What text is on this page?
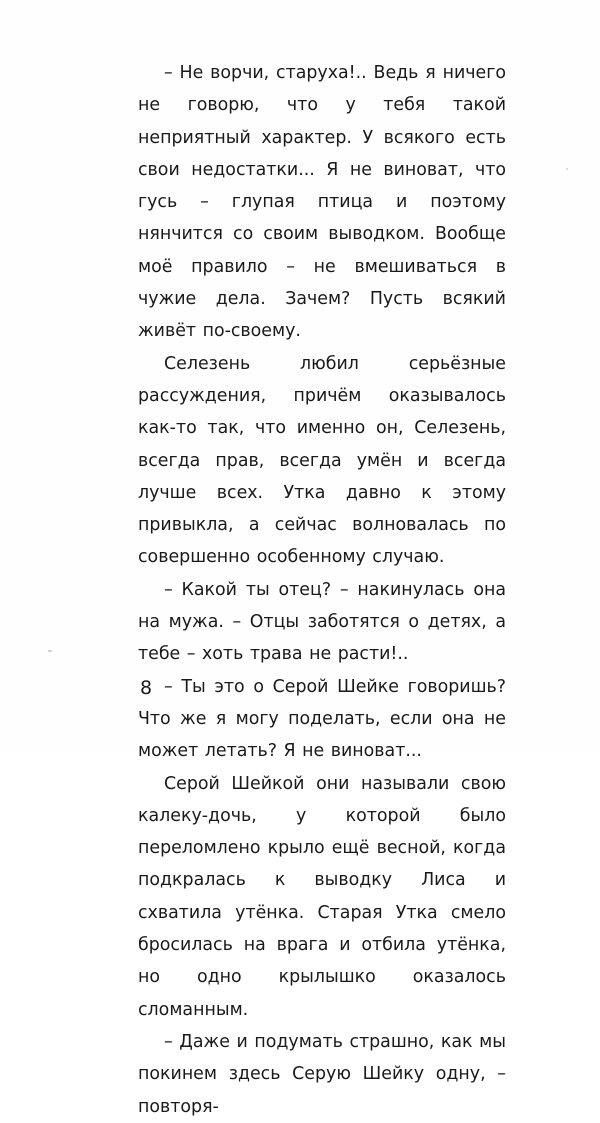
– Не ворчи, старуха!.. Ведь я ничего не говорю, что у тебя такой неприятный характер. У всякого есть свои недостатки... Я не виноват, что гусь – глупая птица и поэтому нянчится со своим выводком. Вообще моё правило – не вмешиваться в чужие дела. Зачем? Пусть всякий живёт по-своему.

Селезень любил серьёзные рассуждения, причём оказывалось как-то так, что именно он, Селезень, всегда прав, всегда умён и всегда лучше всех. Утка давно к этому привыкла, а сейчас волновалась по совершенно особенному случаю.

– Какой ты отец? – накинулась она на мужа. – Отцы заботятся о детях, а тебе – хоть трава не расти!..

– Ты это о Серой Шейке говоришь? Что же я могу поделать, если она не может летать? Я не виноват...

Серой Шейкой они называли свою калеку-дочь, у которой было переломлено крыло ещё весной, когда подкралась к выводку Лиса и схватила утёнка. Старая Утка смело бросилась на врага и отбила утёнка, но одно крылышко оказалось сломанным.

– Даже и подумать страшно, как мы покинем здесь Серую Шейку одну, – повторя-

8
